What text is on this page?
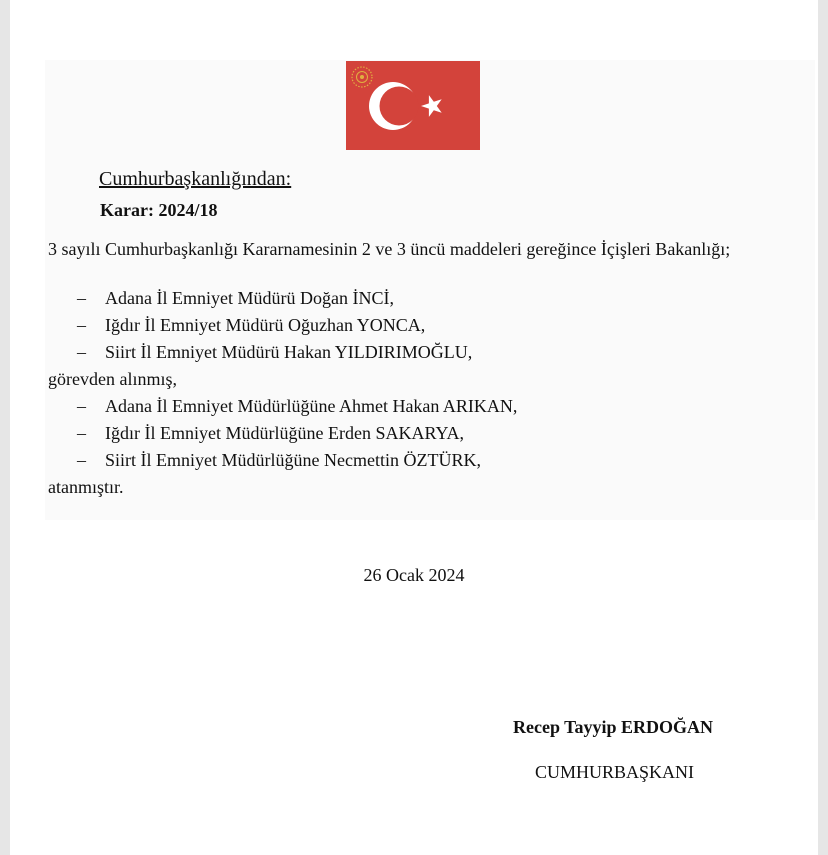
Cumhurbaşkanlığından:
Karar: 2024/18
3 sayılı Cumhurbaşkanlığı Kararnamesinin 2 ve 3 üncü maddeleri gereğince İçişleri Bakanlığı;
– Adana İl Emniyet Müdürü Doğan İNCİ,
– Iğdır İl Emniyet Müdürü Oğuzhan YONCA,
– Siirt İl Emniyet Müdürü Hakan YILDIRIMOĞLU,
görevden alınmış,
– Adana İl Emniyet Müdürlüğüne Ahmet Hakan ARIKAN,
– Iğdır İl Emniyet Müdürlüğüne Erden SAKARYA,
– Siirt İl Emniyet Müdürlüğüne Necmettin ÖZTÜRK,
atanmıştır.
26 Ocak 2024
Recep Tayyip ERDOĞAN
CUMHURBAŞKANI
